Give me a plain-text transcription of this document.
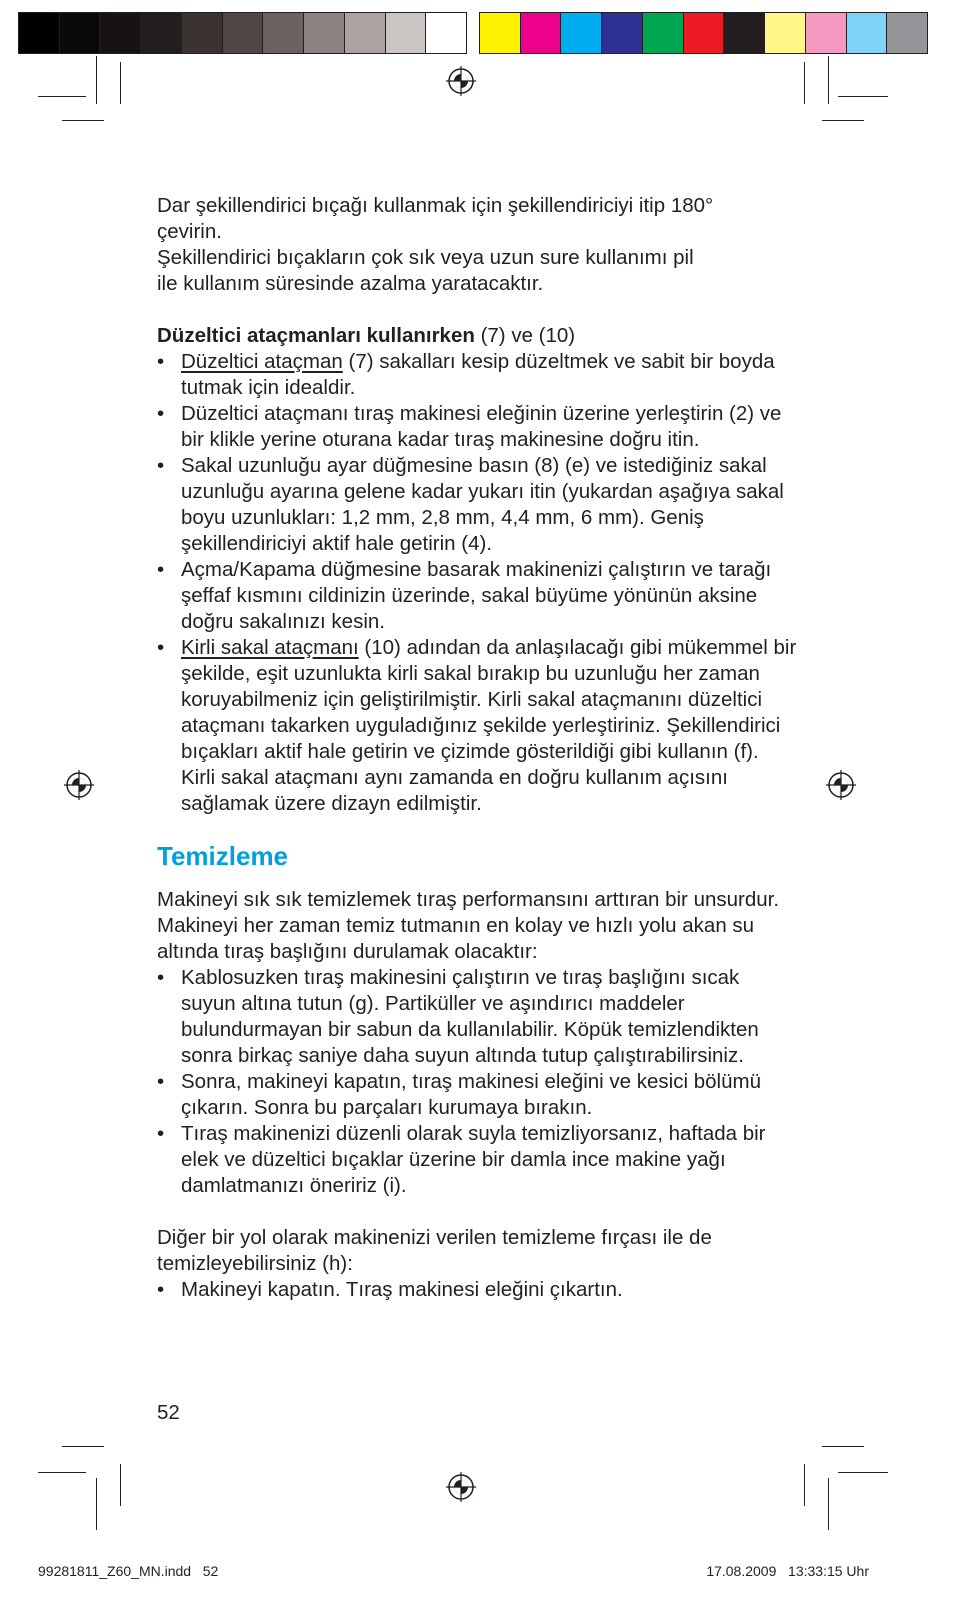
Dar şekillendirici bıçağı kullanmak için şekillendiriciyi itip 180°
çevirin.
Şekillendirici bıçakların çok sık veya uzun sure kullanımı pil
ile kullanım süresinde azalma yaratacaktır.

Düzeltici ataçmanları kullanırken (7) ve (10)

• Düzeltici ataçman (7) sakalları kesip düzeltmek ve sabit bir boyda tutmak için idealdir.
• Düzeltici ataçmanı tıraş makinesi eleğinin üzerine yerleştirin (2) ve bir klikle yerine oturana kadar tıraş makinesine doğru itin.
• Sakal uzunluğu ayar düğmesine basın (8) (e) ve istediğiniz sakal uzunluğu ayarına gelene kadar yukarı itin (yukardan aşağıya sakal boyu uzunlukları: 1,2 mm, 2,8 mm, 4,4 mm, 6 mm). Geniş şekillendiriciyi aktif hale getirin (4).
• Açma/Kapama düğmesine basarak makinenizi çalıştırın ve tarağı şeffaf kısmını cildinizin üzerinde, sakal büyüme yönünün aksine doğru sakalınızı kesin.
• Kirli sakal ataçmanı (10) adından da anlaşılacağı gibi mükemmel bir şekilde, eşit uzunlukta kirli sakal bırakıp bu uzunluğu her zaman koruyabilmeniz için geliştirilmiştir. Kirli sakal ataçmanını düzeltici ataçmanı takarken uyguladığınız şekilde yerleştiriniz. Şekillendirici bıçakları aktif hale getirin ve çizimde gösterildiği gibi kullanın (f). Kirli sakal ataçmanı aynı zamanda en doğru kullanım açısını sağlamak üzere dizayn edilmiştir.
Temizleme

Makineyi sık sık temizlemek tıraş performansını arttıran bir unsurdur.

Makineyi her zaman temiz tutmanın en kolay ve hızlı yolu akan su altında tıraş başlığını durulamak olacaktır:

• Kablosuzken tıraş makinesini çalıştırın ve tıraş başlığını sıcak suyun altına tutun (g). Partiküller ve aşındırıcı maddeler bulundurmayan bir sabun da kullanılabilir. Köpük temizlendikten sonra birkaç saniye daha suyun altında tutup çalıştırabilirsiniz.
• Sonra, makineyi kapatın, tıraş makinesi eleğini ve kesici bölümü çıkarın. Sonra bu parçaları kurumaya bırakın.
• Tıraş makinenizi düzenli olarak suyla temizliyorsanız, haftada bir elek ve düzeltici bıçaklar üzerine bir damla ince makine yağı damlatmanızı öneririz (i).

Diğer bir yol olarak makinenizi verilen temizleme fırçası ile de temizleyebilirsiniz (h):

• Makineyi kapatın. Tıraş makinesi eleğini çıkartın.
52
99281811_Z60_MN.indd   52	17.08.2009   13:33:15 Uhr
